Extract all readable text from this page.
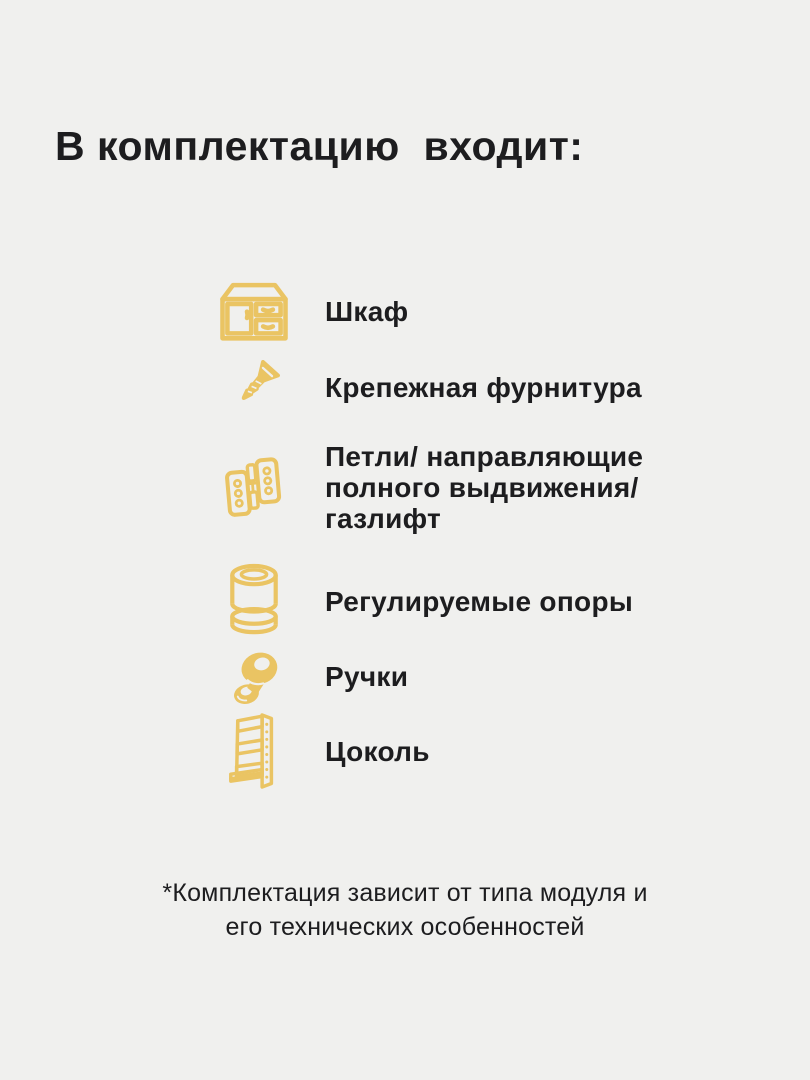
В комплектацию  входит:
Шкаф
Крепежная фурнитура
Петли/ направляющие полного выдвижения/ газлифт
Регулируемые опоры
Ручки
Цоколь
*Комплектация зависит от типа модуля и
его технических особенностей
